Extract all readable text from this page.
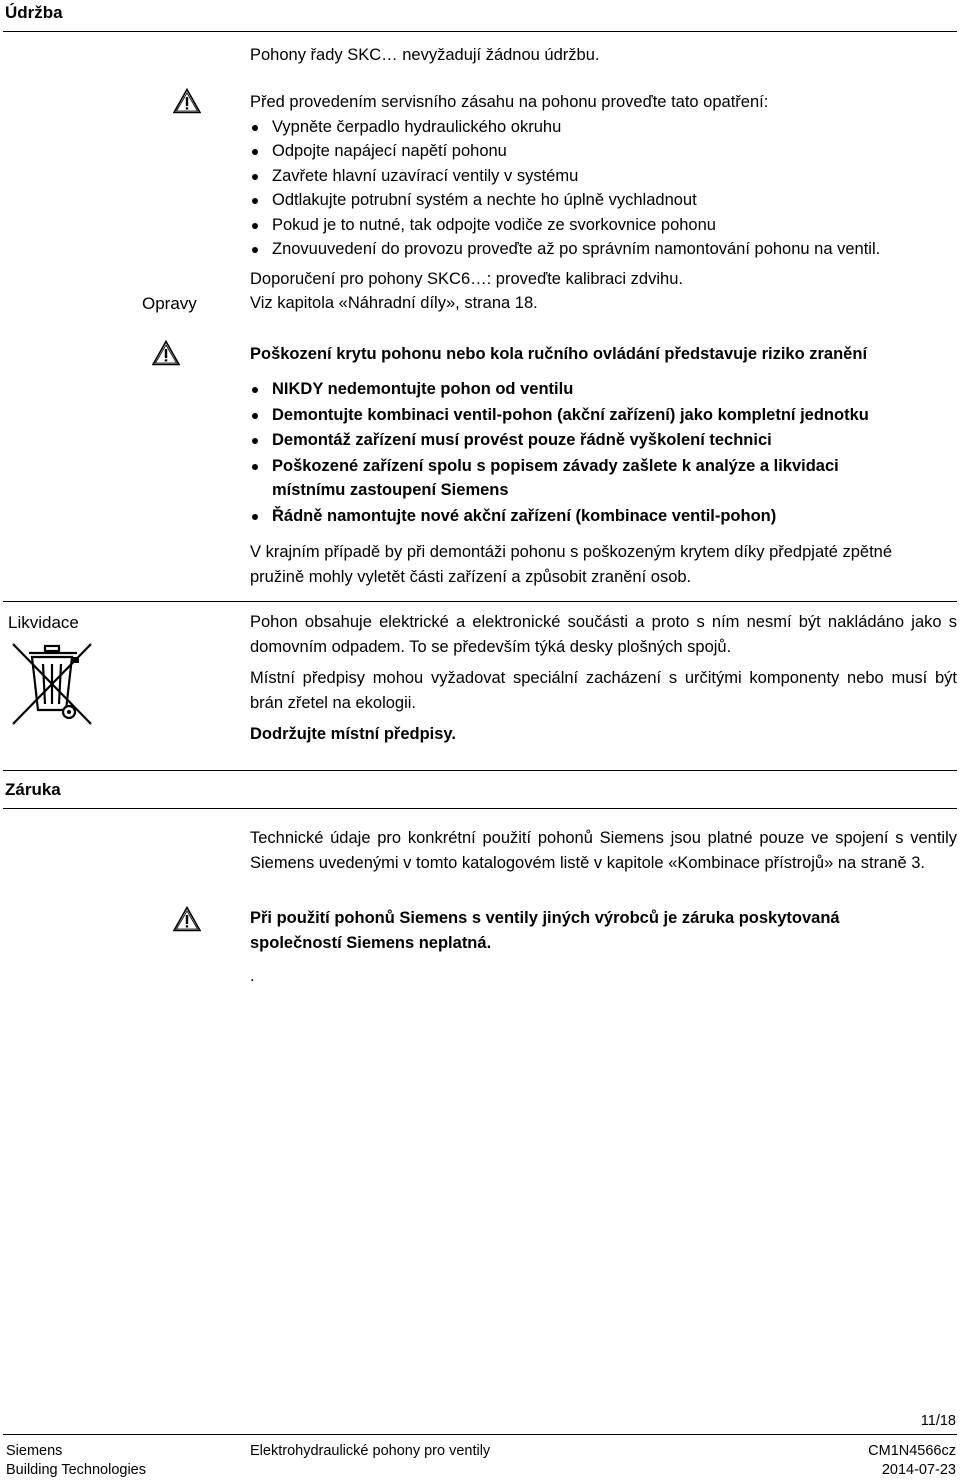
Údržba

Pohony řady SKC… nevyžadují žádnou údržbu.

Před provedením servisního zásahu na pohonu proveďte tato opatření:

Vypněte čerpadlo hydraulického okruhu
Odpojte napájecí napětí pohonu
Zavřete hlavní uzavírací ventily v systému
Odtlakujte potrubní systém a nechte ho úplně vychladnout
Pokud je to nutné, tak odpojte vodiče ze svorkovnice pohonu
Znovuuvedení do provozu proveďte až po správním namontování pohonu na ventil.

Doporučení pro pohony SKC6…: proveďte kalibraci zdvihu.

Opravy	Viz kapitola «Náhradní díly», strana 18.

Poškození krytu pohonu nebo kola ručního ovládání představuje riziko zranění

NIKDY nedemontujte pohon od ventilu
Demontujte kombinaci ventil-pohon (akční zařízení) jako kompletní jednotku
Demontáž zařízení musí provést pouze řádně vyškolení technici
Poškozené zařízení spolu s popisem závady zašlete k analýze a likvidaci místnímu zastoupení Siemens
Řádně namontujte nové akční zařízení (kombinace ventil-pohon)

V krajním případě by při demontáži pohonu s poškozeným krytem díky předpjaté zpětné pružině mohly vyletět části zařízení a způsobit zranění osob.

Likvidace	Pohon obsahuje elektrické a elektronické součásti a proto s ním nesmí být nakládáno jako s domovním odpadem. To se především týká desky plošných spojů.

Místní předpisy mohou vyžadovat speciální zacházení s určitými komponenty nebo musí být brán zřetel na ekologii.

Dodržujte místní předpisy.

Záruka

Technické údaje pro konkrétní použití pohonů Siemens jsou platné pouze ve spojení s ventily Siemens uvedenými v tomto katalogovém listě v kapitole «Kombinace přístrojů» na straně 3.

Při použití pohonů Siemens s ventily jiných výrobců je záruka poskytovaná společností Siemens neplatná.

.

11/18
Siemens
Building Technologies
Elektrohydraulické pohony pro ventily	CM1N4566cz
2014-07-23
